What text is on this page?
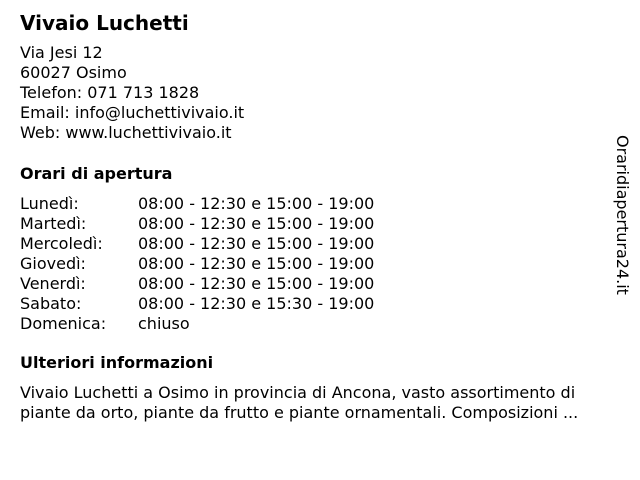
Vivaio Luchetti
Via Jesi 12
60027 Osimo
Telefon: 071 713 1828
Email: info@luchettivivaio.it
Web: www.luchettivivaio.it
Orari di apertura
Lunedì:	08:00 - 12:30 e 15:00 - 19:00
Martedì:	08:00 - 12:30 e 15:00 - 19:00
Mercoledì:	08:00 - 12:30 e 15:00 - 19:00
Giovedì:	08:00 - 12:30 e 15:00 - 19:00
Venerdì:	08:00 - 12:30 e 15:00 - 19:00
Sabato:	08:00 - 12:30 e 15:30 - 19:00
Domenica:	chiuso
Ulteriori informazioni
Vivaio Luchetti a Osimo in provincia di Ancona, vasto assortimento di
piante da orto, piante da frutto e piante ornamentali. Composizioni ...
Oraridiapertura24.it
